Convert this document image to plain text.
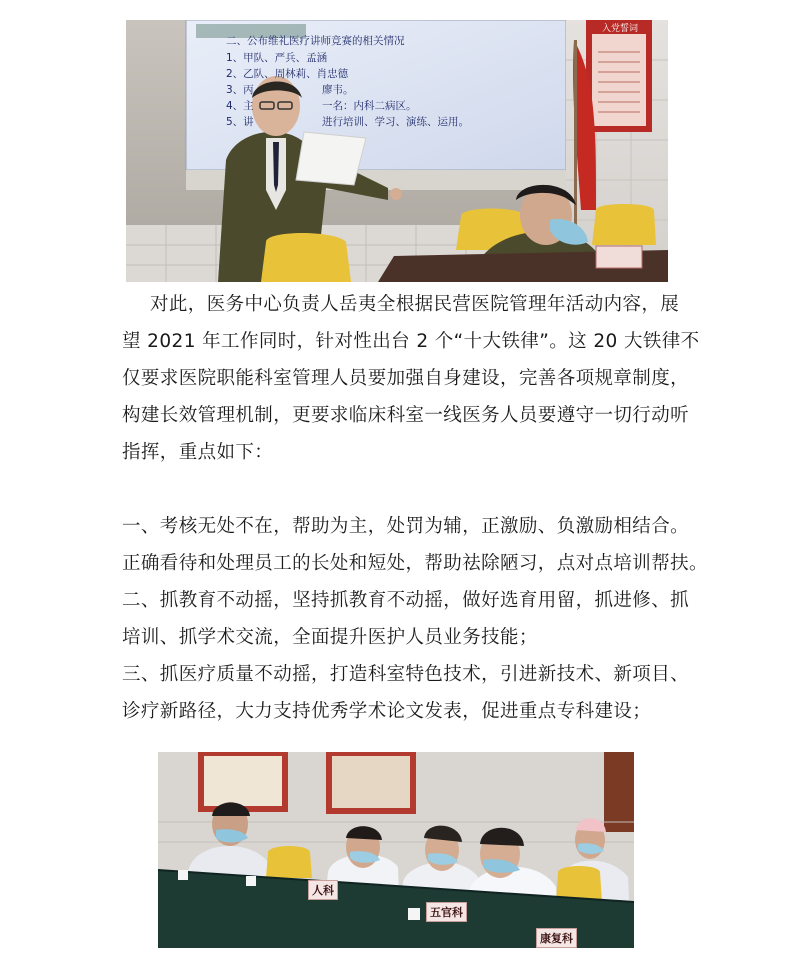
二、公布维礼医疗讲师竞赛的相关情况
1、甲队、严兵、孟涵
2、乙队、周林莉、肖忠德
3、丙	廖韦。
4、主	一名：内科二病区。
5、讲	进行培训、学习、演练、运用。
入党誓词
对此，医务中心负责人岳夷全根据民营医院管理年活动内容，展
望 2021 年工作同时，针对性出台 2 个“十大铁律”。这 20 大铁律不
仅要求医院职能科室管理人员要加强自身建设，完善各项规章制度，
构建长效管理机制，更要求临床科室一线医务人员要遵守一切行动听
指挥，重点如下：
一、考核无处不在，帮助为主，处罚为辅，正激励、负激励相结合。
正确看待和处理员工的长处和短处，帮助祛除陋习，点对点培训帮扶。
二、抓教育不动摇，坚持抓教育不动摇，做好选育用留，抓进修、抓
培训、抓学术交流，全面提升医护人员业务技能；
三、抓医疗质量不动摇，打造科室特色技术，引进新技术、新项目、
诊疗新路径，大力支持优秀学术论文发表，促进重点专科建设；
人科
五官科
康复科
